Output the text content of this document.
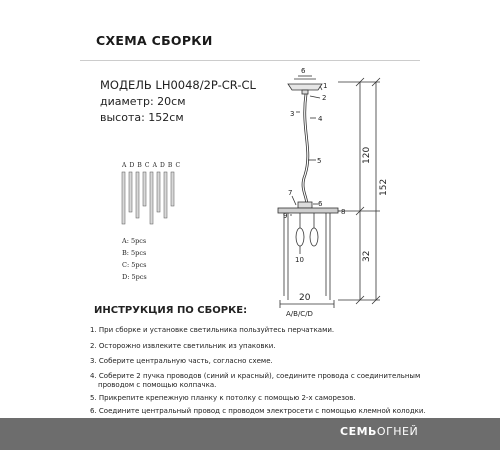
СХЕМА СБОРКИ
МОДЕЛЬ LH0048/2P-CR-CL
диаметр: 20см
высота: 152см
A D B C A D B C
A: 5pcs
B: 5pcs
C: 5pcs
D: 5pcs
6
1
2
3
4
5
6
7
8
9
10
120
152
32
20
A/B/C/D
ИНСТРУКЦИЯ ПО СБОРКЕ:
1. При сборке и установке светильника пользуйтесь перчатками.
2. Осторожно извлеките светильник из упаковки.
3. Соберите центральную часть, согласно схеме.
4. Соберите 2 пучка проводов (синий и красный), соедините провода с соединительным
проводом с помощью колпачка.
5. Прикрепите крепежную планку к потолку с помощью 2-х саморезов.
6. Соедините центральный провод с проводом электросети с помощью клемной колодки.
СЕМЬОГНЕЙ
